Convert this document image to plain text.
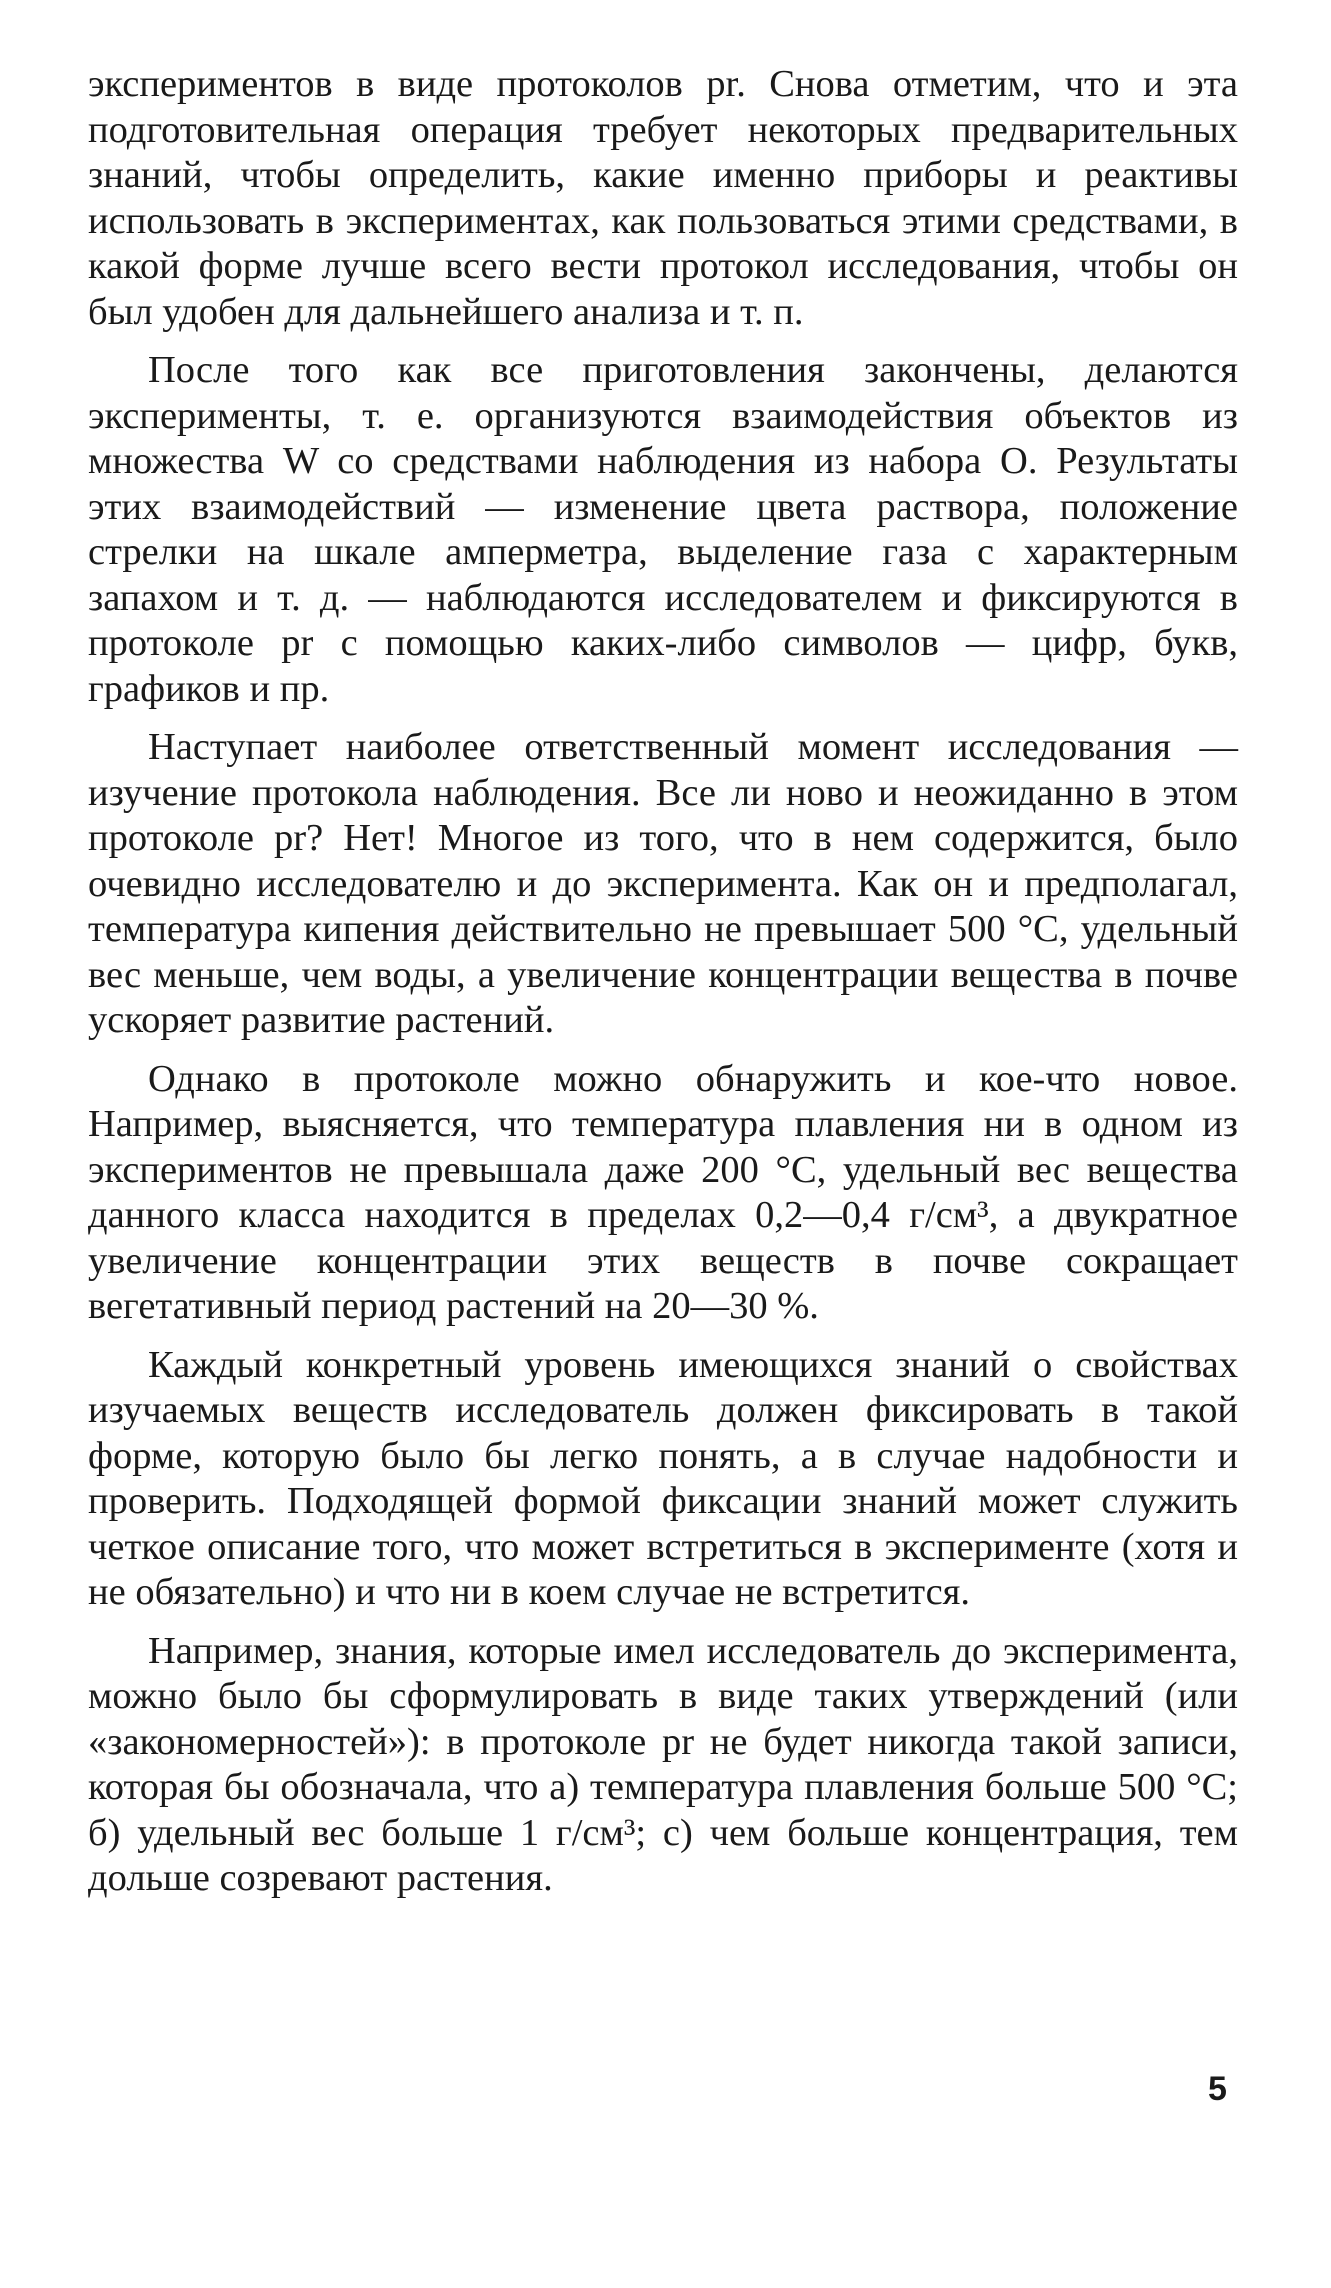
экспериментов в виде протоколов pr. Снова отметим, что и эта подготовительная операция требует некоторых предварительных знаний, чтобы определить, какие именно приборы и реактивы использовать в экспериментах, как пользоваться этими средствами, в какой форме лучше всего вести протокол исследования, чтобы он был удобен для дальнейшего анализа и т. п.

После того как все приготовления закончены, делаются эксперименты, т. е. организуются взаимодействия объектов из множества W со средствами наблюдения из набора O. Результаты этих взаимодействий — изменение цвета раствора, положение стрелки на шкале амперметра, выделение газа с характерным запахом и т. д. — наблюдаются исследователем и фиксируются в протоколе pr с помощью каких-либо символов — цифр, букв, графиков и пр.

Наступает наиболее ответственный момент исследования — изучение протокола наблюдения. Все ли ново и неожиданно в этом протоколе pr? Нет! Многое из того, что в нем содержится, было очевидно исследователю и до эксперимента. Как он и предполагал, температура кипения действительно не превышает 500 °С, удельный вес меньше, чем воды, а увеличение концентрации вещества в почве ускоряет развитие растений.

Однако в протоколе можно обнаружить и кое-что новое. Например, выясняется, что температура плавления ни в одном из экспериментов не превышала даже 200 °С, удельный вес вещества данного класса находится в пределах 0,2—0,4 г/см³, а двукратное увеличение концентрации этих веществ в почве сокращает вегетативный период растений на 20—30 %.

Каждый конкретный уровень имеющихся знаний о свойствах изучаемых веществ исследователь должен фиксировать в такой форме, которую было бы легко понять, а в случае надобности и проверить. Подходящей формой фиксации знаний может служить четкое описание того, что может встретиться в эксперименте (хотя и не обязательно) и что ни в коем случае не встретится.

Например, знания, которые имел исследователь до эксперимента, можно было бы сформулировать в виде таких утверждений (или «закономерностей»): в протоколе pr не будет никогда такой записи, которая бы обозначала, что а) температура плавления больше 500 °С; б) удельный вес больше 1 г/см³; с) чем больше концентрация, тем дольше созревают растения.

5
